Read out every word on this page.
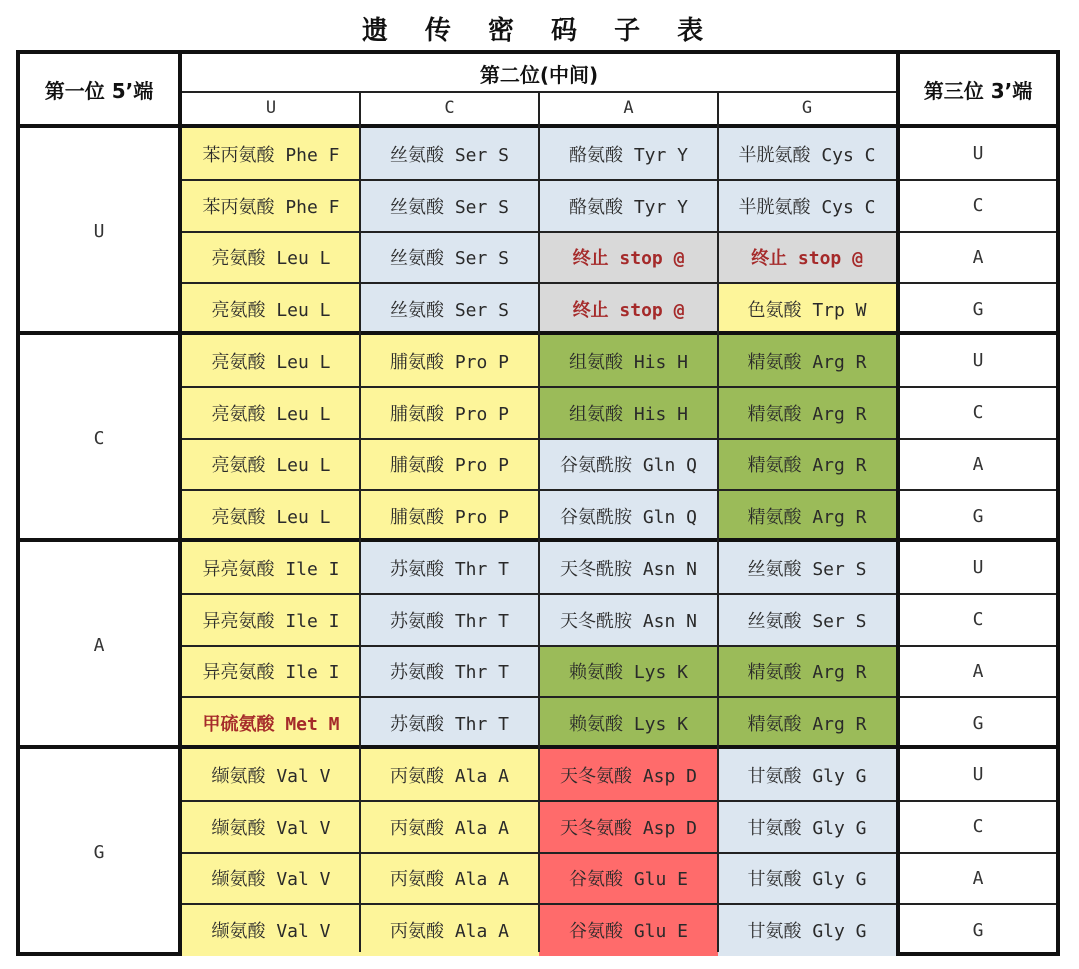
遗 传 密 码 子 表
第一位 5’端
第二位(中间)
第三位 3’端
U	C	A	G
U
苯丙氨酸 Phe F	丝氨酸 Ser S	酪氨酸 Tyr Y	半胱氨酸 Cys C	U
苯丙氨酸 Phe F	丝氨酸 Ser S	酪氨酸 Tyr Y	半胱氨酸 Cys C	C
亮氨酸 Leu L	丝氨酸 Ser S	终止 stop @	终止 stop @	A
亮氨酸 Leu L	丝氨酸 Ser S	终止 stop @	色氨酸 Trp W	G
C
亮氨酸 Leu L	脯氨酸 Pro P	组氨酸 His H	精氨酸 Arg R	U
亮氨酸 Leu L	脯氨酸 Pro P	组氨酸 His H	精氨酸 Arg R	C
亮氨酸 Leu L	脯氨酸 Pro P	谷氨酰胺 Gln Q	精氨酸 Arg R	A
亮氨酸 Leu L	脯氨酸 Pro P	谷氨酰胺 Gln Q	精氨酸 Arg R	G
A
异亮氨酸 Ile I	苏氨酸 Thr T	天冬酰胺 Asn N	丝氨酸 Ser S	U
异亮氨酸 Ile I	苏氨酸 Thr T	天冬酰胺 Asn N	丝氨酸 Ser S	C
异亮氨酸 Ile I	苏氨酸 Thr T	赖氨酸 Lys K	精氨酸 Arg R	A
甲硫氨酸 Met M	苏氨酸 Thr T	赖氨酸 Lys K	精氨酸 Arg R	G
G
缬氨酸 Val V	丙氨酸 Ala A	天冬氨酸 Asp D	甘氨酸 Gly G	U
缬氨酸 Val V	丙氨酸 Ala A	天冬氨酸 Asp D	甘氨酸 Gly G	C
缬氨酸 Val V	丙氨酸 Ala A	谷氨酸 Glu E	甘氨酸 Gly G	A
缬氨酸 Val V	丙氨酸 Ala A	谷氨酸 Glu E	甘氨酸 Gly G	G
